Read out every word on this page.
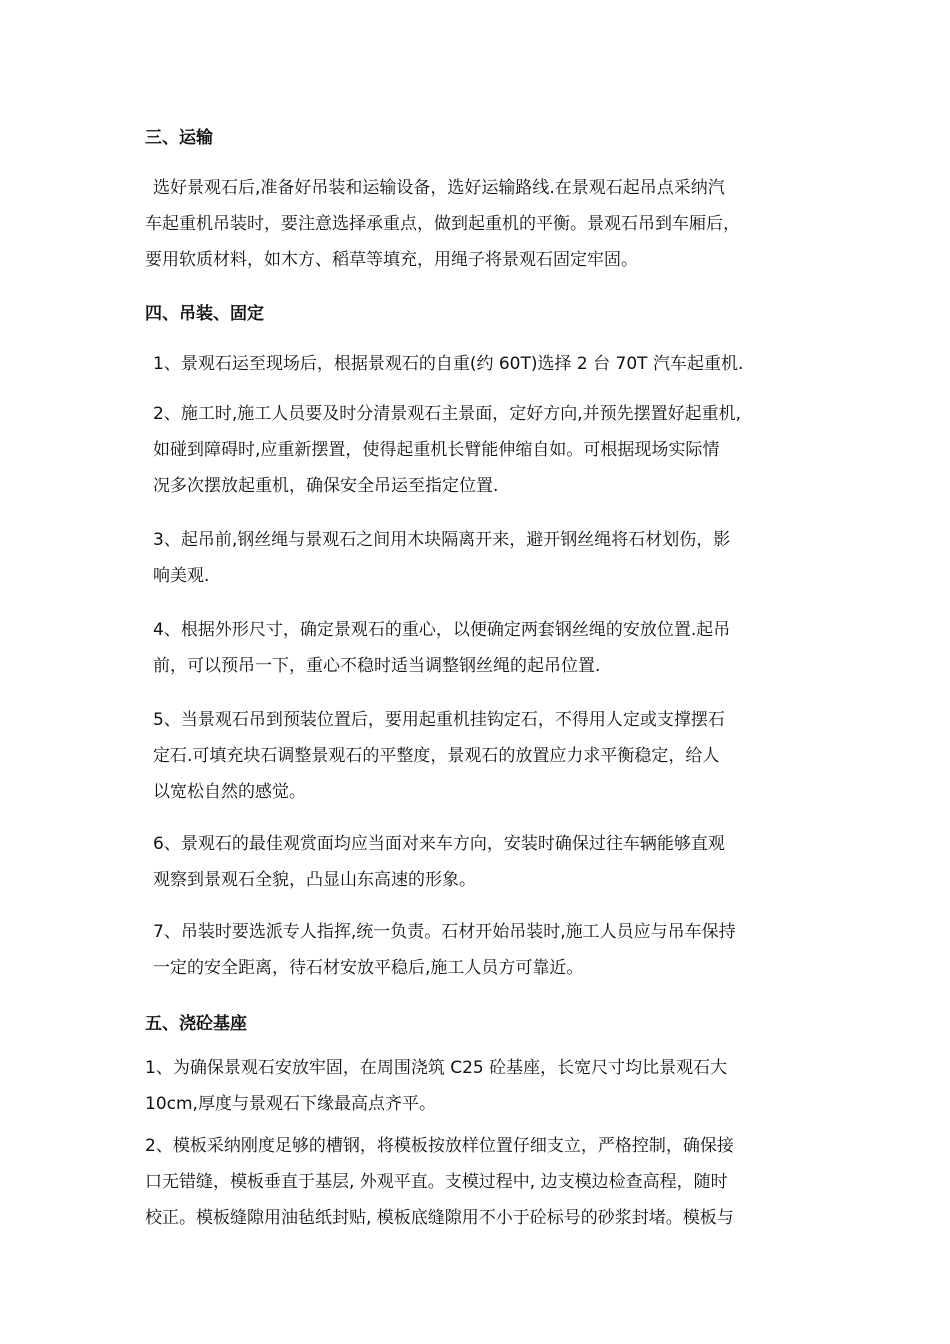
三、运输
选好景观石后,准备好吊装和运输设备，选好运输路线.在景观石起吊点采纳汽
车起重机吊装时，要注意选择承重点，做到起重机的平衡。景观石吊到车厢后，
要用软质材料，如木方、稻草等填充，用绳子将景观石固定牢固。
四、吊装、固定
1、景观石运至现场后，根据景观石的自重(约 60T)选择 2 台 70T 汽车起重机.
2、施工时,施工人员要及时分清景观石主景面，定好方向,并预先摆置好起重机,
如碰到障碍时,应重新摆置，使得起重机长臂能伸缩自如。可根据现场实际情
况多次摆放起重机，确保安全吊运至指定位置.
3、起吊前,钢丝绳与景观石之间用木块隔离开来，避开钢丝绳将石材划伤，影
响美观.
4、根据外形尺寸，确定景观石的重心，以便确定两套钢丝绳的安放位置.起吊
前，可以预吊一下，重心不稳时适当调整钢丝绳的起吊位置.
5、当景观石吊到预装位置后，要用起重机挂钩定石，不得用人定或支撑摆石
定石.可填充块石调整景观石的平整度，景观石的放置应力求平衡稳定，给人
以宽松自然的感觉。
6、景观石的最佳观赏面均应当面对来车方向，安装时确保过往车辆能够直观
观察到景观石全貌，凸显山东高速的形象。
7、吊装时要选派专人指挥,统一负责。石材开始吊装时,施工人员应与吊车保持
一定的安全距离，待石材安放平稳后,施工人员方可靠近。
五、浇砼基座
1、为确保景观石安放牢固，在周围浇筑 C25 砼基座，长宽尺寸均比景观石大
10cm,厚度与景观石下缘最高点齐平。
2、模板采纳刚度足够的槽钢，将模板按放样位置仔细支立，严格控制，确保接
口无错缝，模板垂直于基层, 外观平直。支模过程中, 边支模边检查高程，随时
校正。模板缝隙用油毡纸封贴, 模板底缝隙用不小于砼标号的砂浆封堵。模板与
